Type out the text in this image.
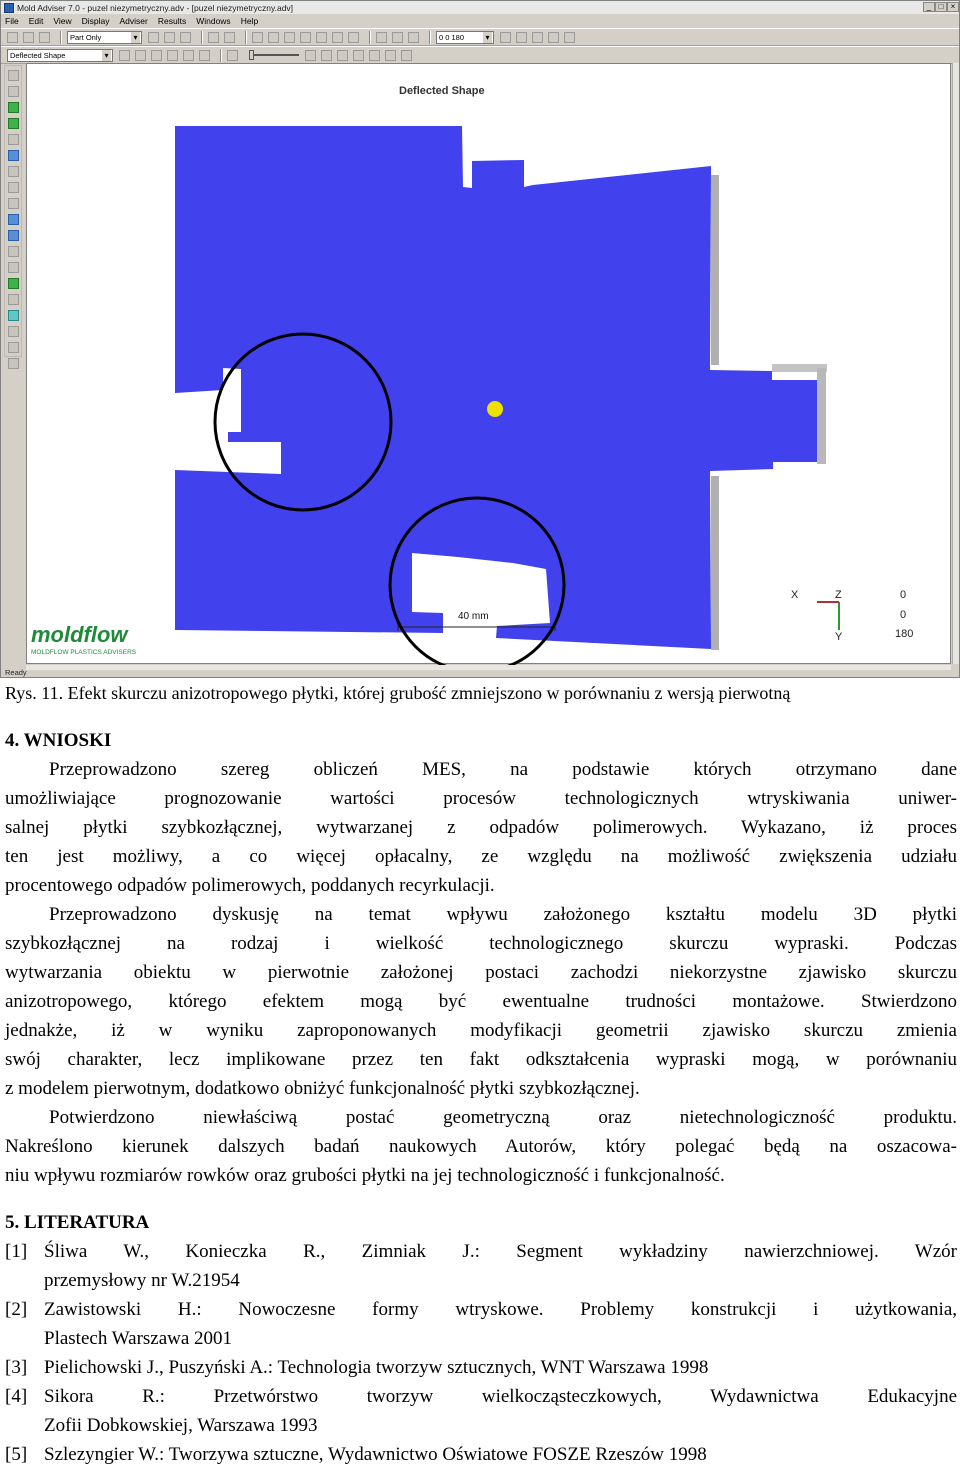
Mold Adviser 7.0 - puzel niezymetryczny.adv - [puzel niezymetryczny.adv]	_ □ ×
File Edit View Display Adviser Results Windows Help
Part Only ▾	0 0 180 ▾
Deflected Shape ▾
Deflected Shape
40 mm
X	Z
Y
0
0
180
moldflow
MOLDFLOW PLASTICS ADVISERS
Ready
Rys. 11. Efekt skurczu anizotropowego płytki, której grubość zmniejszono w porównaniu z wersją pierwotną
4. WNIOSKI
Przeprowadzono szereg obliczeń MES, na podstawie których otrzymano dane
umożliwiające prognozowanie wartości procesów technologicznych wtryskiwania uniwer-
salnej płytki szybkozłącznej, wytwarzanej z odpadów polimerowych. Wykazano, iż proces
ten jest możliwy, a co więcej opłacalny, ze względu na możliwość zwiększenia udziału
procentowego odpadów polimerowych, poddanych recyrkulacji.
Przeprowadzono dyskusję na temat wpływu założonego kształtu modelu 3D płytki
szybkozłącznej na rodzaj i wielkość technologicznego skurczu wypraski. Podczas
wytwarzania obiektu w pierwotnie założonej postaci zachodzi niekorzystne zjawisko skurczu
anizotropowego, którego efektem mogą być ewentualne trudności montażowe. Stwierdzono
jednakże, iż w wyniku zaproponowanych modyfikacji geometrii zjawisko skurczu zmienia
swój charakter, lecz implikowane przez ten fakt odkształcenia wypraski mogą, w porównaniu
z modelem pierwotnym, dodatkowo obniżyć funkcjonalność płytki szybkozłącznej.
Potwierdzono niewłaściwą postać geometryczną oraz nietechnologiczność produktu.
Nakreślono kierunek dalszych badań naukowych Autorów, który polegać będą na oszacowa-
niu wpływu rozmiarów rowków oraz grubości płytki na jej technologiczność i funkcjonalność.
5. LITERATURA
[1] Śliwa W., Konieczka R., Zimniak J.: Segment wykładziny nawierzchniowej. Wzór
przemysłowy nr W.21954
[2] Zawistowski H.: Nowoczesne formy wtryskowe. Problemy konstrukcji i użytkowania,
Plastech Warszawa 2001
[3] Pielichowski J., Puszyński A.: Technologia tworzyw sztucznych, WNT Warszawa 1998
[4] Sikora R.: Przetwórstwo tworzyw wielkocząsteczkowych, Wydawnictwa Edukacyjne
Zofii Dobkowskiej, Warszawa 1993
[5] Szlezyngier W.: Tworzywa sztuczne, Wydawnictwo Oświatowe FOSZE Rzeszów 1998
